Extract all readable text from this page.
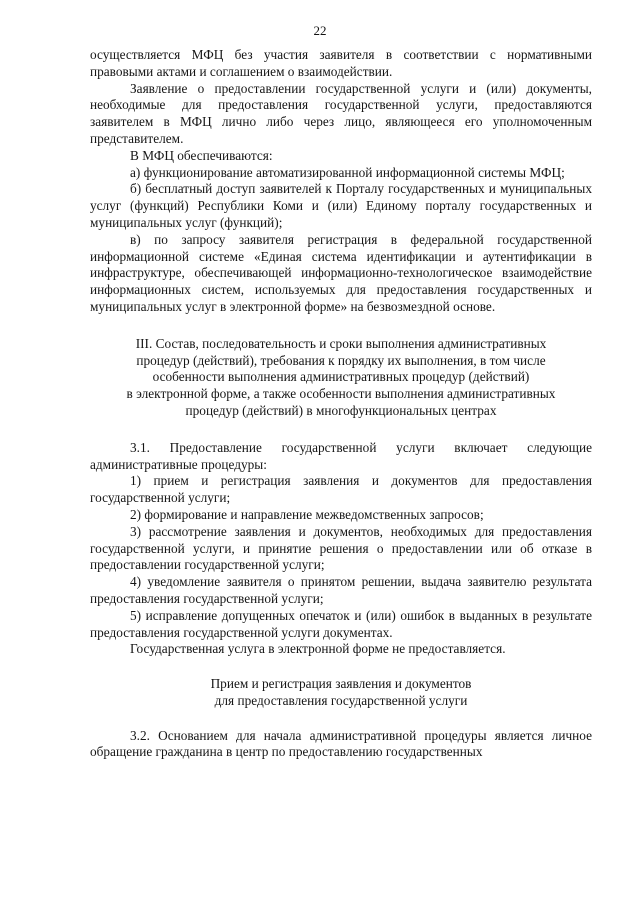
22

осуществляется МФЦ без участия заявителя в соответствии с нормативными правовыми актами и соглашением о взаимодействии.

Заявление о предоставлении государственной услуги и (или) документы, необходимые для предоставления государственной услуги, предоставляются заявителем в МФЦ лично либо через лицо, являющееся его уполномоченным представителем.

В МФЦ обеспечиваются:

а) функционирование автоматизированной информационной системы МФЦ;

б) бесплатный доступ заявителей к Порталу государственных и муниципальных услуг (функций) Республики Коми и (или) Единому порталу государственных и муниципальных услуг (функций);

в) по запросу заявителя регистрация в федеральной государственной информационной системе «Единая система идентификации и аутентификации в инфраструктуре, обеспечивающей информационно-технологическое взаимодействие информационных систем, используемых для предоставления государственных и муниципальных услуг в электронной форме» на безвозмездной основе.

III. Состав, последовательность и сроки выполнения административных
процедур (действий), требования к порядку их выполнения, в том числе
особенности выполнения административных процедур (действий)
в электронной форме, а также особенности выполнения административных
процедур (действий) в многофункциональных центрах

3.1. Предоставление государственной услуги включает следующие административные процедуры:

1) прием и регистрация заявления и документов для предоставления государственной услуги;

2) формирование и направление межведомственных запросов;

3) рассмотрение заявления и документов, необходимых для предоставления государственной услуги, и принятие решения о предоставлении или об отказе в предоставлении государственной услуги;

4) уведомление заявителя о принятом решении, выдача заявителю результата предоставления государственной услуги;

5) исправление допущенных опечаток и (или) ошибок в выданных в результате предоставления государственной услуги документах.

Государственная услуга в электронной форме не предоставляется.

Прием и регистрация заявления и документов
для предоставления государственной услуги

3.2. Основанием для начала административной процедуры является личное обращение гражданина в центр по предоставлению государственных
